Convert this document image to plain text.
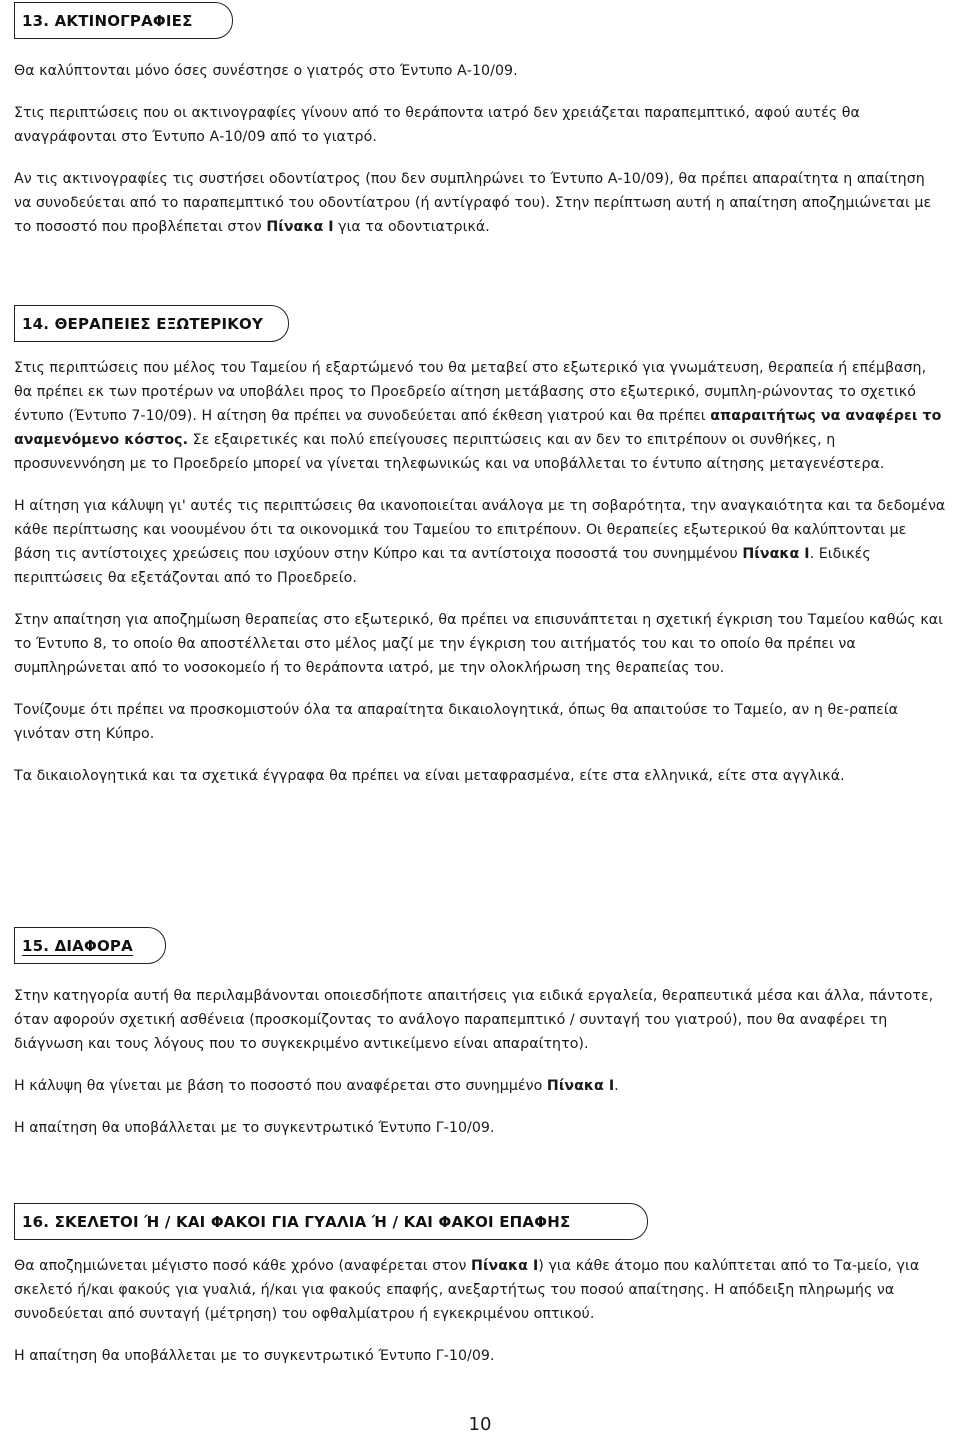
13. ΑΚΤΙΝΟΓΡΑΦΙΕΣ

Θα καλύπτονται μόνο όσες συνέστησε ο γιατρός στο Έντυπο Α-10/09.

Στις περιπτώσεις που οι ακτινογραφίες γίνουν από το θεράποντα ιατρό δεν χρειάζεται παραπεμπτικό, αφού αυτές θα αναγράφονται στο Έντυπο Α-10/09 από το γιατρό.

Αν τις ακτινογραφίες τις συστήσει οδοντίατρος (που δεν συμπληρώνει το Έντυπο Α-10/09), θα πρέπει απαραίτητα η απαίτηση να συνοδεύεται από το παραπεμπτικό του οδοντίατρου (ή αντίγραφό του). Στην περίπτωση αυτή η απαίτηση αποζημιώνεται με το ποσοστό που προβλέπεται στον Πίνακα Ι για τα οδοντιατρικά.

14. ΘΕΡΑΠΕΙΕΣ ΕΞΩΤΕΡΙΚΟΥ

Στις περιπτώσεις που μέλος του Ταμείου ή εξαρτώμενό του θα μεταβεί στο εξωτερικό για γνωμάτευση, θεραπεία ή επέμβαση, θα πρέπει εκ των προτέρων να υποβάλει προς το Προεδρείο αίτηση μετάβασης στο εξωτερικό, συμπλη-ρώνοντας το σχετικό έντυπο (Έντυπο 7-10/09). Η αίτηση θα πρέπει να συνοδεύεται από έκθεση γιατρού και θα πρέπει απαραιτήτως να αναφέρει το αναμενόμενο κόστος. Σε εξαιρετικές και πολύ επείγουσες περιπτώσεις και αν δεν το επιτρέπουν οι συνθήκες, η προσυνεννόηση με το Προεδρείο μπορεί να γίνεται τηλεφωνικώς και να υποβάλλεται το έντυπο αίτησης μεταγενέστερα.

Η αίτηση για κάλυψη γι' αυτές τις περιπτώσεις θα ικανοποιείται ανάλογα με τη σοβαρότητα, την αναγκαιότητα και τα δεδομένα κάθε περίπτωσης και νοουμένου ότι τα οικονομικά του Ταμείου το επιτρέπουν. Οι θεραπείες εξωτερικού θα καλύπτονται με βάση τις αντίστοιχες χρεώσεις που ισχύουν στην Κύπρο και τα αντίστοιχα ποσοστά του συνημμένου Πίνακα Ι. Ειδικές περιπτώσεις θα εξετάζονται από το Προεδρείο.

Στην απαίτηση για αποζημίωση θεραπείας στο εξωτερικό, θα πρέπει να επισυνάπτεται η σχετική έγκριση του Ταμείου καθώς και το Έντυπο 8, το οποίο θα αποστέλλεται στο μέλος μαζί με την έγκριση του αιτήματός του και το οποίο θα πρέπει να συμπληρώνεται από το νοσοκομείο ή το θεράποντα ιατρό, με την ολοκλήρωση της θεραπείας του.

Τονίζουμε ότι πρέπει να προσκομιστούν όλα τα απαραίτητα δικαιολογητικά, όπως θα απαιτούσε το Ταμείο, αν η θε-ραπεία γινόταν στη Κύπρο.

Τα δικαιολογητικά και τα σχετικά έγγραφα θα πρέπει να είναι μεταφρασμένα, είτε στα ελληνικά, είτε στα αγγλικά.

15. ΔΙΑΦΟΡΑ

Στην κατηγορία αυτή θα περιλαμβάνονται οποιεσδήποτε απαιτήσεις για ειδικά εργαλεία, θεραπευτικά μέσα και άλλα, πάντοτε, όταν αφορούν σχετική ασθένεια (προσκομίζοντας το ανάλογο παραπεμπτικό / συνταγή του γιατρού), που θα αναφέρει τη διάγνωση και τους λόγους που το συγκεκριμένο αντικείμενο είναι απαραίτητο).

Η κάλυψη θα γίνεται με βάση το ποσοστό που αναφέρεται στο συνημμένο Πίνακα Ι.

Η απαίτηση θα υποβάλλεται με το συγκεντρωτικό Έντυπο Γ-10/09.

16. ΣΚΕΛΕΤΟΙ Ή / ΚΑΙ ΦΑΚΟΙ ΓΙΑ ΓΥΑΛΙΑ Ή / ΚΑΙ ΦΑΚΟΙ ΕΠΑΦΗΣ

Θα αποζημιώνεται μέγιστο ποσό κάθε χρόνο (αναφέρεται στον Πίνακα Ι) για κάθε άτομο που καλύπτεται από το Τα-μείο, για σκελετό ή/και φακούς για γυαλιά, ή/και για φακούς επαφής, ανεξαρτήτως του ποσού απαίτησης. Η απόδειξη πληρωμής να συνοδεύεται από συνταγή (μέτρηση) του οφθαλμίατρου ή εγκεκριμένου οπτικού.

Η απαίτηση θα υποβάλλεται με το συγκεντρωτικό Έντυπο Γ-10/09.

10
